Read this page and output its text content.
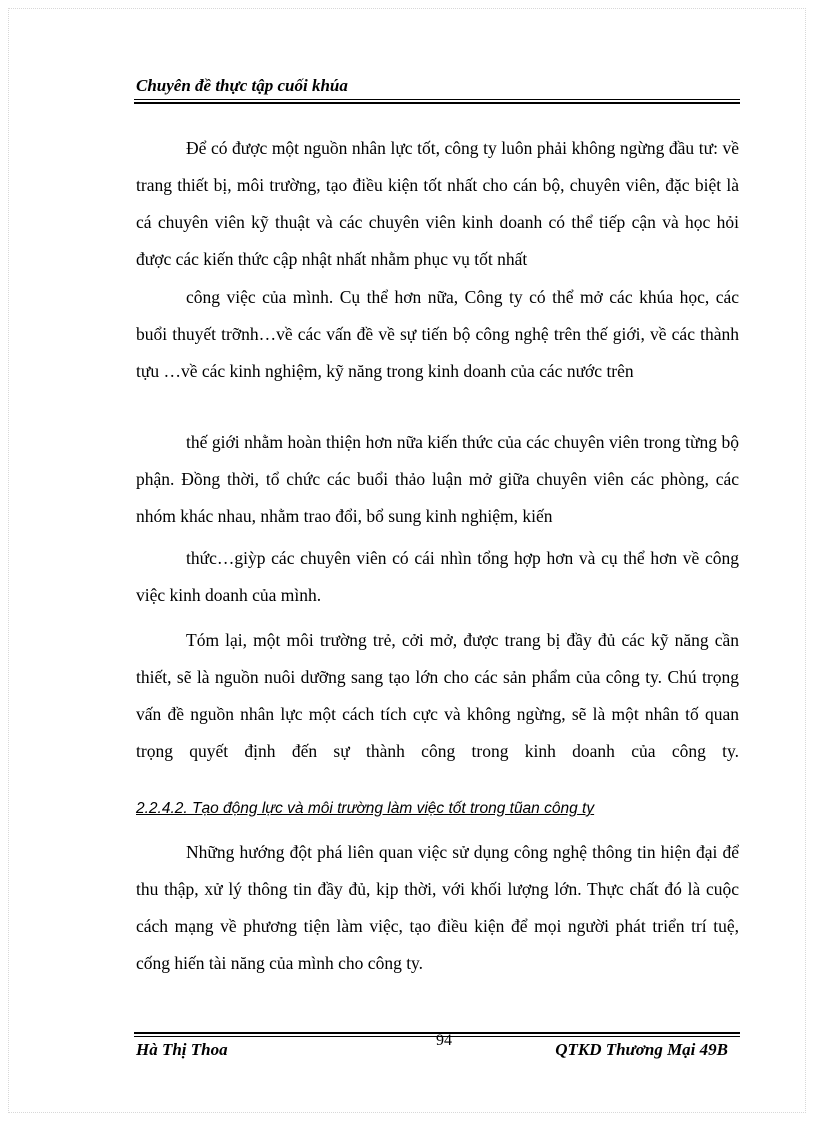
Chuyên đề thực tập cuối khúa

Để có được một nguồn nhân lực tốt, công ty luôn phải không ngừng đầu tư: về trang thiết bị, môi trường, tạo điều kiện tốt nhất cho cán bộ, chuyên viên, đặc biệt là cá chuyên viên kỹ thuật và các chuyên viên kinh doanh có thể tiếp cận và học hỏi được các kiến thức cập nhật nhất nhằm phục vụ tốt nhất

công việc của mình. Cụ thể hơn nữa, Công ty có thể mở các khúa học, các buổi thuyết trỡnh…về các vấn đề về sự tiến bộ công nghệ trên thế giới, về các thành tựu …về các kinh nghiệm, kỹ năng trong kinh doanh của các nước trên

thế giới nhằm hoàn thiện hơn nữa kiến thức của các chuyên viên trong từng bộ phận. Đồng thời, tổ chức các buổi thảo luận mở giữa chuyên viên các phòng, các nhóm khác nhau, nhằm trao đổi, bổ sung kinh nghiệm, kiến

thức…giỳp các chuyên viên có cái nhìn tổng hợp hơn và cụ thể hơn về công việc kinh doanh của mình.

Tóm lại, một môi trường trẻ, cởi mở, được trang bị đầy đủ các kỹ năng cần thiết, sẽ là nguồn nuôi dưỡng sang tạo lớn cho các sản phẩm của công ty. Chú trọng vấn đề nguồn nhân lực một cách tích cực và không ngừng, sẽ là một nhân tố quan trọng quyết định đến sự thành công trong kinh doanh của công ty.

2.2.4.2. Tạo động lực và môi trường làm việc tốt trong tũan công ty

Những hướng đột phá liên quan việc sử dụng công nghệ thông tin hiện đại để thu thập, xử lý thông tin đầy đủ, kịp thời, với khối lượng lớn. Thực chất đó là cuộc cách mạng về phương tiện làm việc, tạo điều kiện để mọi người phát triển trí tuệ, cống hiến tài năng của mình cho công ty.

Hà Thị Thoa	94	QTKD Thương Mại 49B
